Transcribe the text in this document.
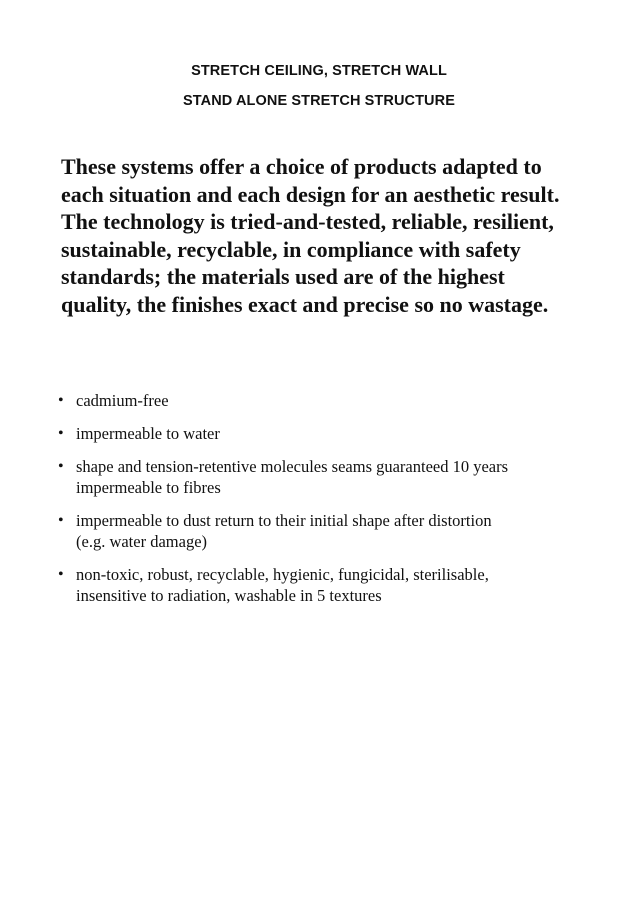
STRETCH CEILING, STRETCH WALL
STAND ALONE STRETCH STRUCTURE
These systems offer a choice of products adapted to
each situation and each design for an aesthetic result.
The technology is tried-and-tested, reliable, resilient,
sustainable, recyclable, in compliance with safety
standards; the materials used are of the highest
quality, the finishes exact and precise so no wastage.
• cadmium-free
• impermeable to water
• shape and tension-retentive molecules seams guaranteed 10 years
impermeable to fibres
• impermeable to dust return to their initial shape after distortion
(e.g. water damage)
• non-toxic, robust, recyclable, hygienic, fungicidal, sterilisable,
insensitive to radiation, washable in 5 textures
